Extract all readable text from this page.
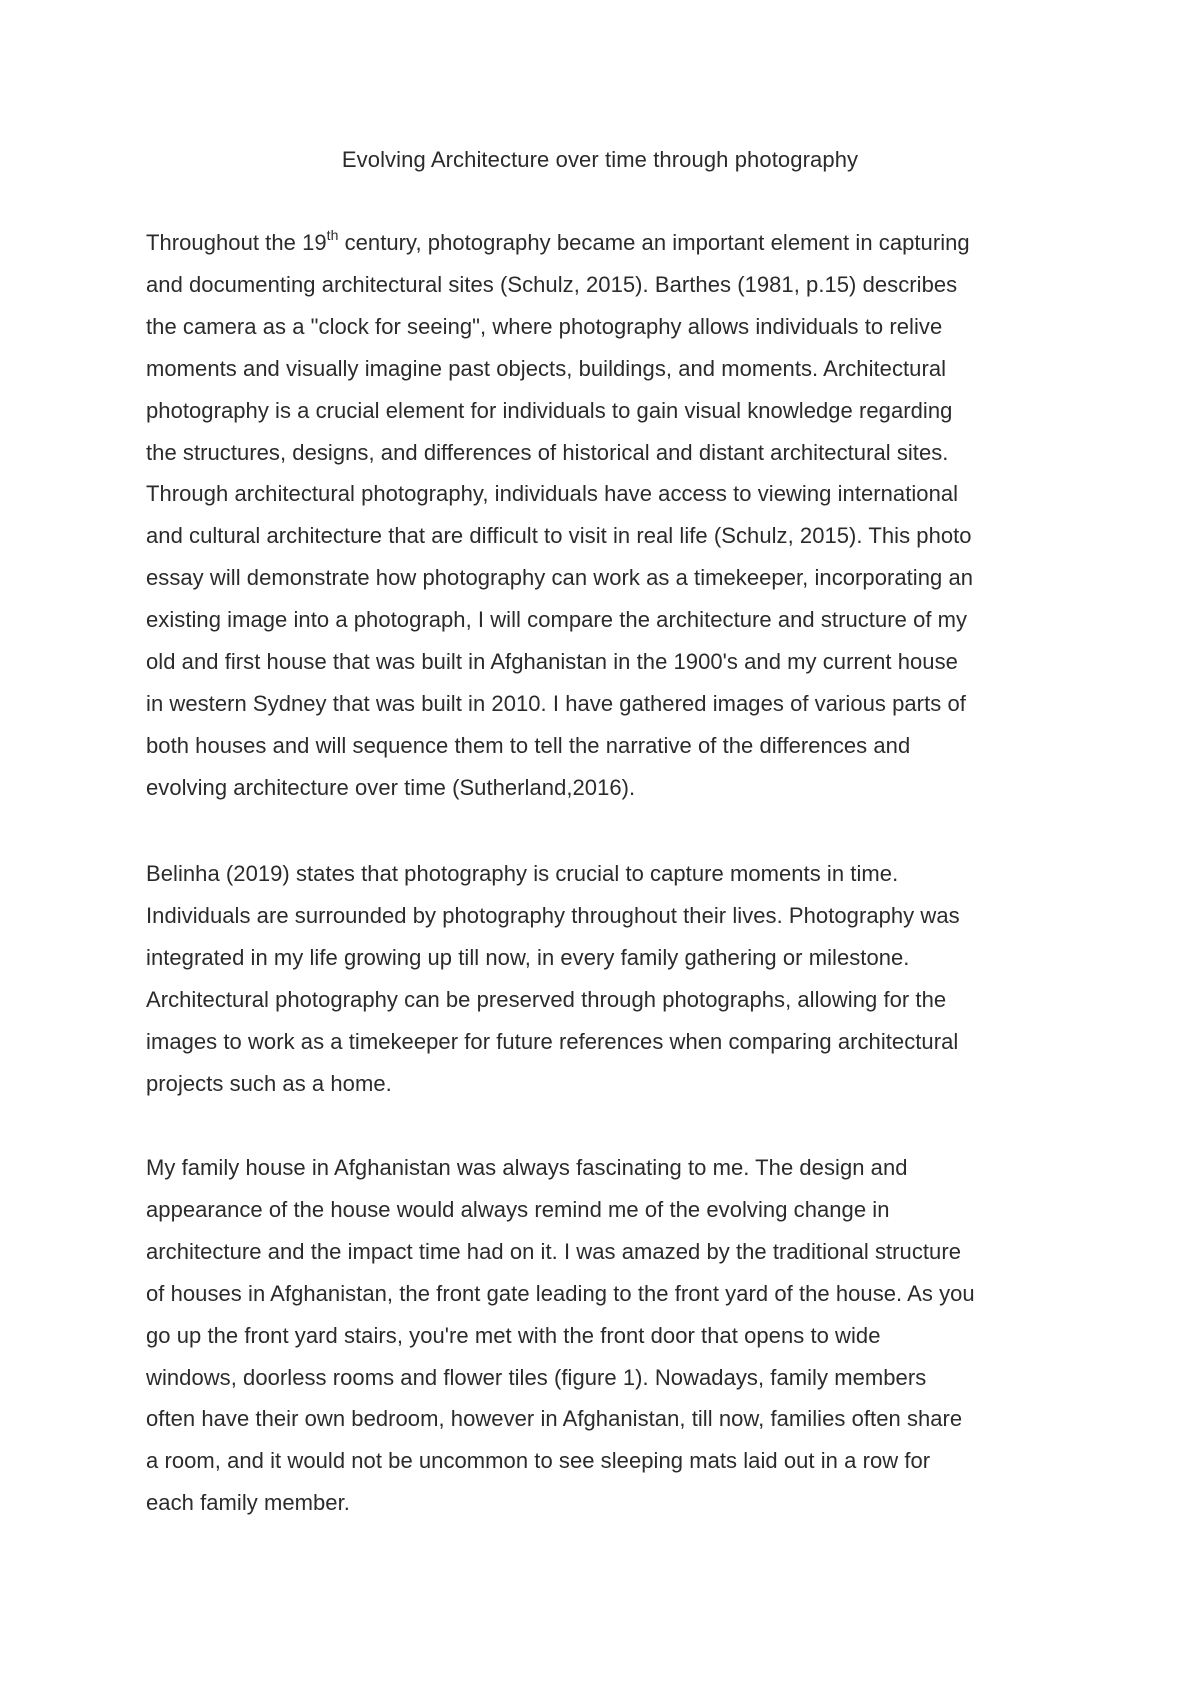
Evolving Architecture over time through photography
Throughout the 19th century, photography became an important element in capturing
and documenting architectural sites (Schulz, 2015). Barthes (1981, p.15) describes
the camera as a "clock for seeing", where photography allows individuals to relive
moments and visually imagine past objects, buildings, and moments. Architectural
photography is a crucial element for individuals to gain visual knowledge regarding
the structures, designs, and differences of historical and distant architectural sites.
Through architectural photography, individuals have access to viewing international
and cultural architecture that are difficult to visit in real life (Schulz, 2015). This photo
essay will demonstrate how photography can work as a timekeeper, incorporating an
existing image into a photograph, I will compare the architecture and structure of my
old and first house that was built in Afghanistan in the 1900's and my current house
in western Sydney that was built in 2010. I have gathered images of various parts of
both houses and will sequence them to tell the narrative of the differences and
evolving architecture over time (Sutherland,2016).
Belinha (2019) states that photography is crucial to capture moments in time.
Individuals are surrounded by photography throughout their lives. Photography was
integrated in my life growing up till now, in every family gathering or milestone.
Architectural photography can be preserved through photographs, allowing for the
images to work as a timekeeper for future references when comparing architectural
projects such as a home.
My family house in Afghanistan was always fascinating to me. The design and
appearance of the house would always remind me of the evolving change in
architecture and the impact time had on it. I was amazed by the traditional structure
of houses in Afghanistan, the front gate leading to the front yard of the house. As you
go up the front yard stairs, you're met with the front door that opens to wide
windows, doorless rooms and flower tiles (figure 1). Nowadays, family members
often have their own bedroom, however in Afghanistan, till now, families often share
a room, and it would not be uncommon to see sleeping mats laid out in a row for
each family member.
